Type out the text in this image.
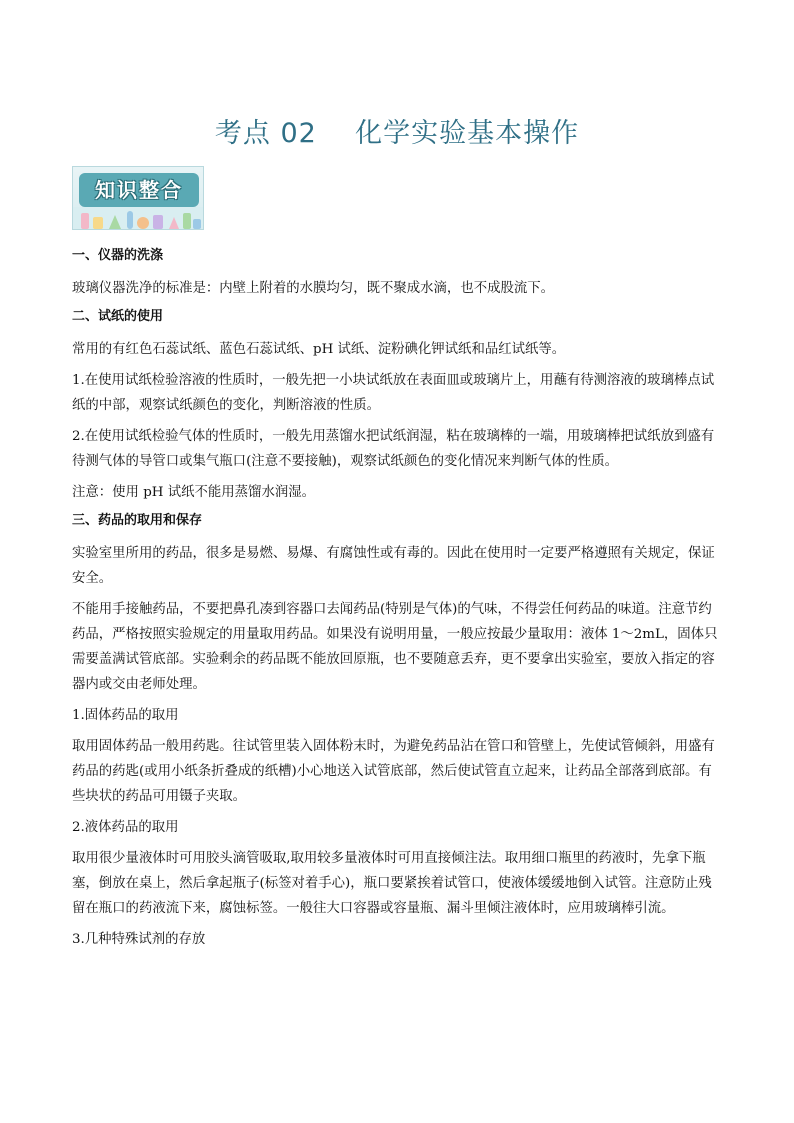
考点 02    化学实验基本操作
知识整合

一、仪器的洗涤

玻璃仪器洗净的标准是：内壁上附着的水膜均匀，既不聚成水滴，也不成股流下。

二、试纸的使用

常用的有红色石蕊试纸、蓝色石蕊试纸、pH 试纸、淀粉碘化钾试纸和品红试纸等。

1.在使用试纸检验溶液的性质时，一般先把一小块试纸放在表面皿或玻璃片上，用蘸有待测溶液的玻璃棒点试纸的中部，观察试纸颜色的变化，判断溶液的性质。

2.在使用试纸检验气体的性质时，一般先用蒸馏水把试纸润湿，粘在玻璃棒的一端，用玻璃棒把试纸放到盛有待测气体的导管口或集气瓶口(注意不要接触)，观察试纸颜色的变化情况来判断气体的性质。

注意：使用 pH 试纸不能用蒸馏水润湿。

三、药品的取用和保存

实验室里所用的药品，很多是易燃、易爆、有腐蚀性或有毒的。因此在使用时一定要严格遵照有关规定，保证安全。

不能用手接触药品，不要把鼻孔凑到容器口去闻药品(特别是气体)的气味，不得尝任何药品的味道。注意节约药品，严格按照实验规定的用量取用药品。如果没有说明用量，一般应按最少量取用：液体 1～2mL，固体只需要盖满试管底部。实验剩余的药品既不能放回原瓶，也不要随意丢弃，更不要拿出实验室，要放入指定的容器内或交由老师处理。

1.固体药品的取用

取用固体药品一般用药匙。往试管里装入固体粉末时，为避免药品沾在管口和管壁上，先使试管倾斜，用盛有药品的药匙(或用小纸条折叠成的纸槽)小心地送入试管底部，然后使试管直立起来，让药品全部落到底部。有些块状的药品可用镊子夹取。

2.液体药品的取用

取用很少量液体时可用胶头滴管吸取,取用较多量液体时可用直接倾注法。取用细口瓶里的药液时，先拿下瓶塞，倒放在桌上，然后拿起瓶子(标签对着手心)，瓶口要紧挨着试管口，使液体缓缓地倒入试管。注意防止残留在瓶口的药液流下来，腐蚀标签。一般往大口容器或容量瓶、漏斗里倾注液体时，应用玻璃棒引流。

3.几种特殊试剂的存放
